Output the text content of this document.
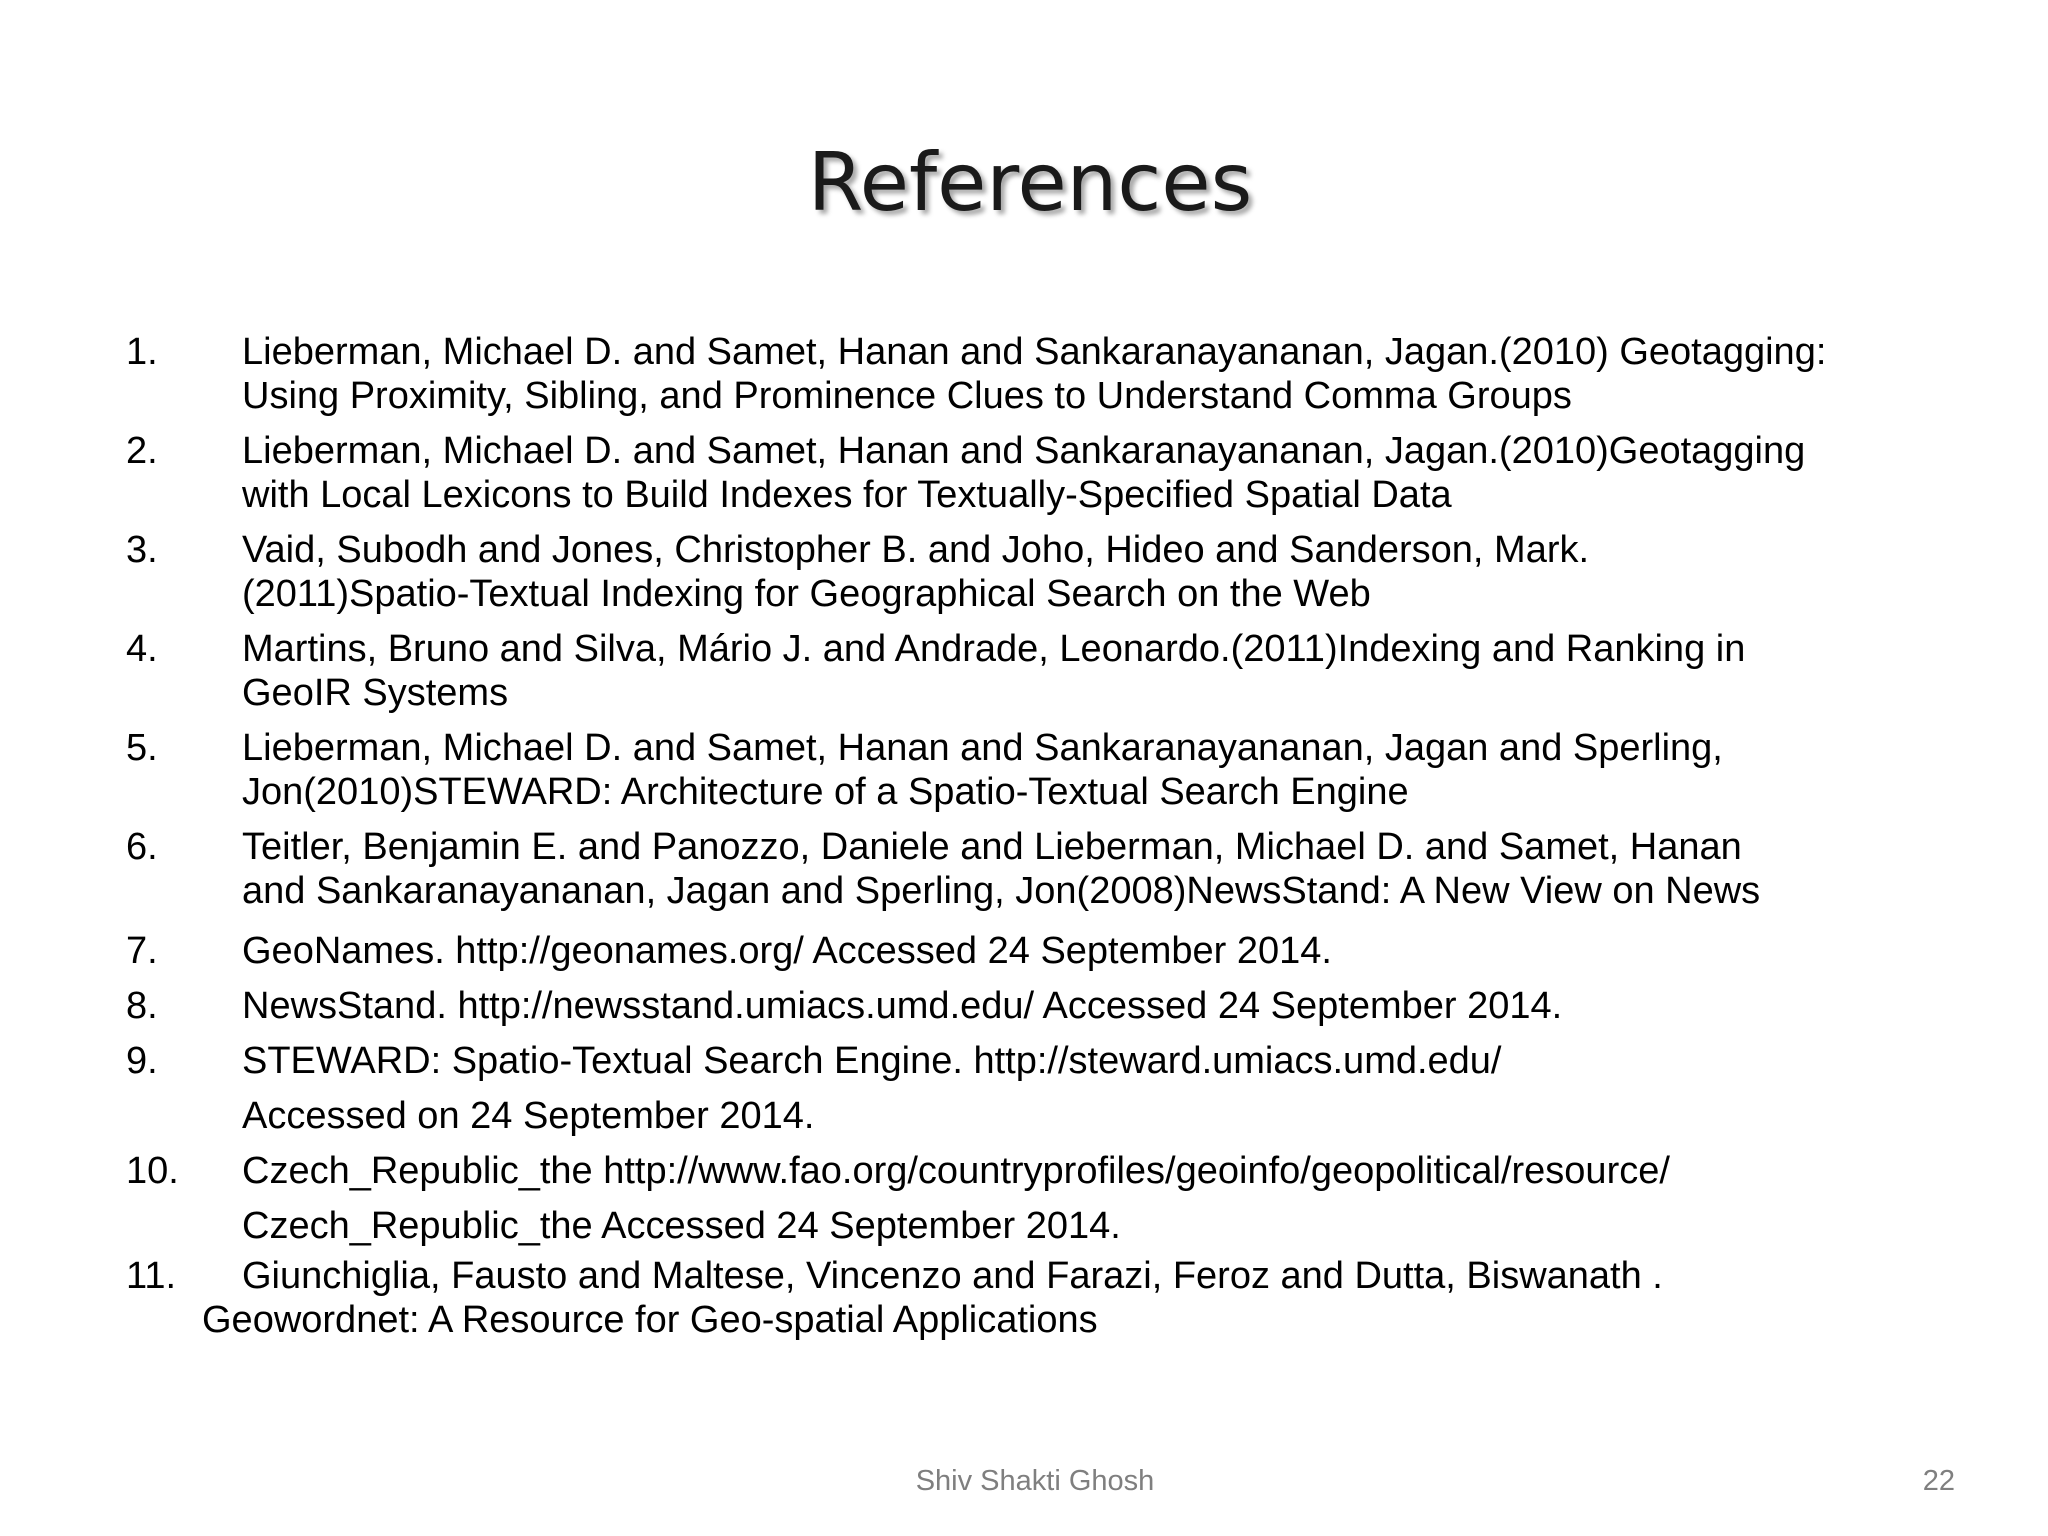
References
1. Lieberman, Michael D. and Samet, Hanan and Sankaranayananan, Jagan.(2010) Geotagging:
Using Proximity, Sibling, and Prominence Clues to Understand Comma Groups
2. Lieberman, Michael D. and Samet, Hanan and Sankaranayananan, Jagan.(2010)Geotagging
with Local Lexicons to Build Indexes for Textually-Specified Spatial Data
3. Vaid, Subodh and Jones, Christopher B. and Joho, Hideo and Sanderson, Mark.
(2011)Spatio-Textual Indexing for Geographical Search on the Web
4. Martins, Bruno and Silva, Mário J. and Andrade, Leonardo.(2011)Indexing and Ranking in
GeoIR Systems
5. Lieberman, Michael D. and Samet, Hanan and Sankaranayananan, Jagan and Sperling,
Jon(2010)STEWARD: Architecture of a Spatio-Textual Search Engine
6. Teitler, Benjamin E. and Panozzo, Daniele and Lieberman, Michael D. and Samet, Hanan
and Sankaranayananan, Jagan and Sperling, Jon(2008)NewsStand: A New View on News
7. GeoNames. http://geonames.org/ Accessed 24 September 2014.
8. NewsStand. http://newsstand.umiacs.umd.edu/ Accessed 24 September 2014.
9. STEWARD: Spatio-Textual Search Engine. http://steward.umiacs.umd.edu/
Accessed on 24 September 2014.
10. Czech_Republic_the http://www.fao.org/countryprofiles/geoinfo/geopolitical/resource/
Czech_Republic_the Accessed 24 September 2014.
11. Giunchiglia, Fausto and Maltese, Vincenzo and Farazi, Feroz and Dutta, Biswanath .
Geowordnet: A Resource for Geo-spatial Applications
Shiv Shakti Ghosh	22
